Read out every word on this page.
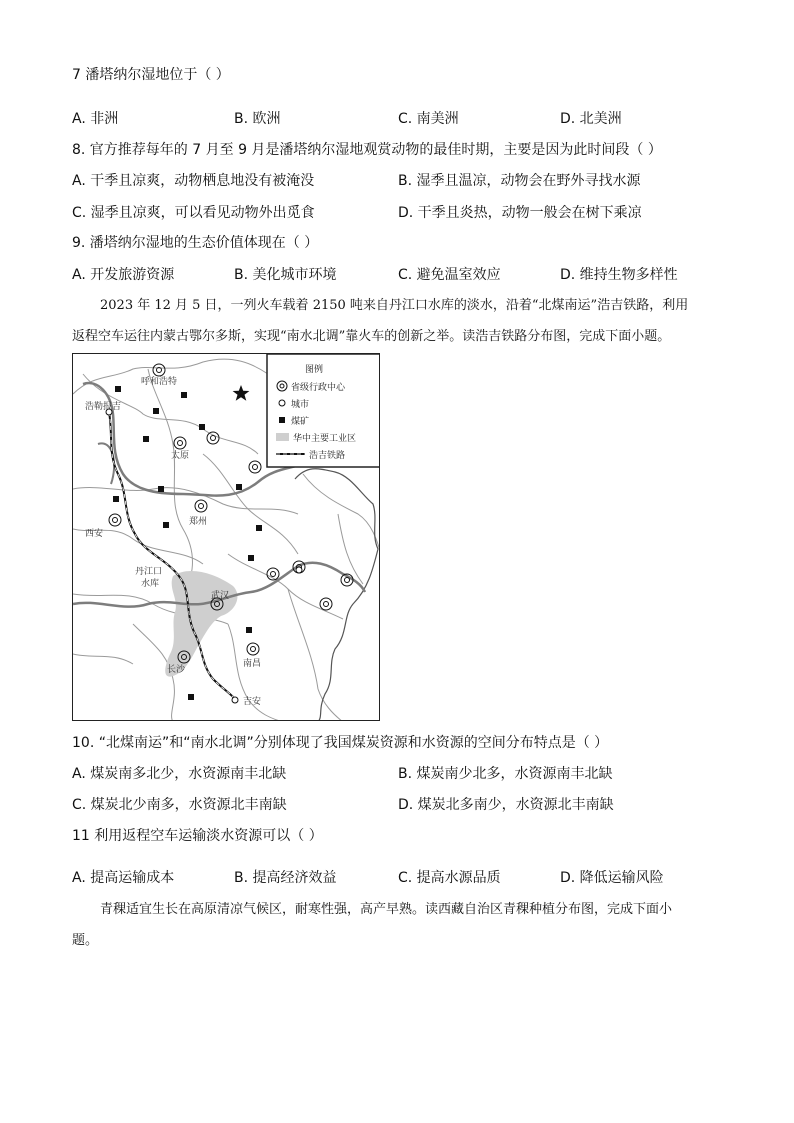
7 潘塔纳尔湿地位于（ ）
A. 非洲	B. 欧洲	C. 南美洲	D. 北美洲
8. 官方推荐每年的 7 月至 9 月是潘塔纳尔湿地观赏动物的最佳时期，主要是因为此时间段（ ）
A. 干季且凉爽，动物栖息地没有被淹没	B. 湿季且温凉，动物会在野外寻找水源
C. 湿季且凉爽，可以看见动物外出觅食	D. 干季且炎热，动物一般会在树下乘凉
9. 潘塔纳尔湿地的生态价值体现在（ ）
A. 开发旅游资源	B. 美化城市环境	C. 避免温室效应	D. 维持生物多样性
2023 年 12 月 5 日，一列火车载着 2150 吨来自丹江口水库的淡水，沿着“北煤南运”浩吉铁路，利用
返程空车运往内蒙古鄂尔多斯，实现“南水北调”靠火车的创新之举。读浩吉铁路分布图，完成下面小题。
呼和浩特
浩勒报吉
太原
郑州
西安
丹江口
水库
武汉
南昌
长沙
吉安
图例
省级行政中心
城市
煤矿
华中主要工业区
浩吉铁路
10. “北煤南运”和“南水北调”分别体现了我国煤炭资源和水资源的空间分布特点是（ ）
A. 煤炭南多北少，水资源南丰北缺	B. 煤炭南少北多，水资源南丰北缺
C. 煤炭北少南多，水资源北丰南缺	D. 煤炭北多南少，水资源北丰南缺
11 利用返程空车运输淡水资源可以（ ）
A. 提高运输成本	B. 提高经济效益	C. 提高水源品质	D. 降低运输风险
青稞适宜生长在高原清凉气候区，耐寒性强，高产早熟。读西藏自治区青稞种植分布图，完成下面小
题。
